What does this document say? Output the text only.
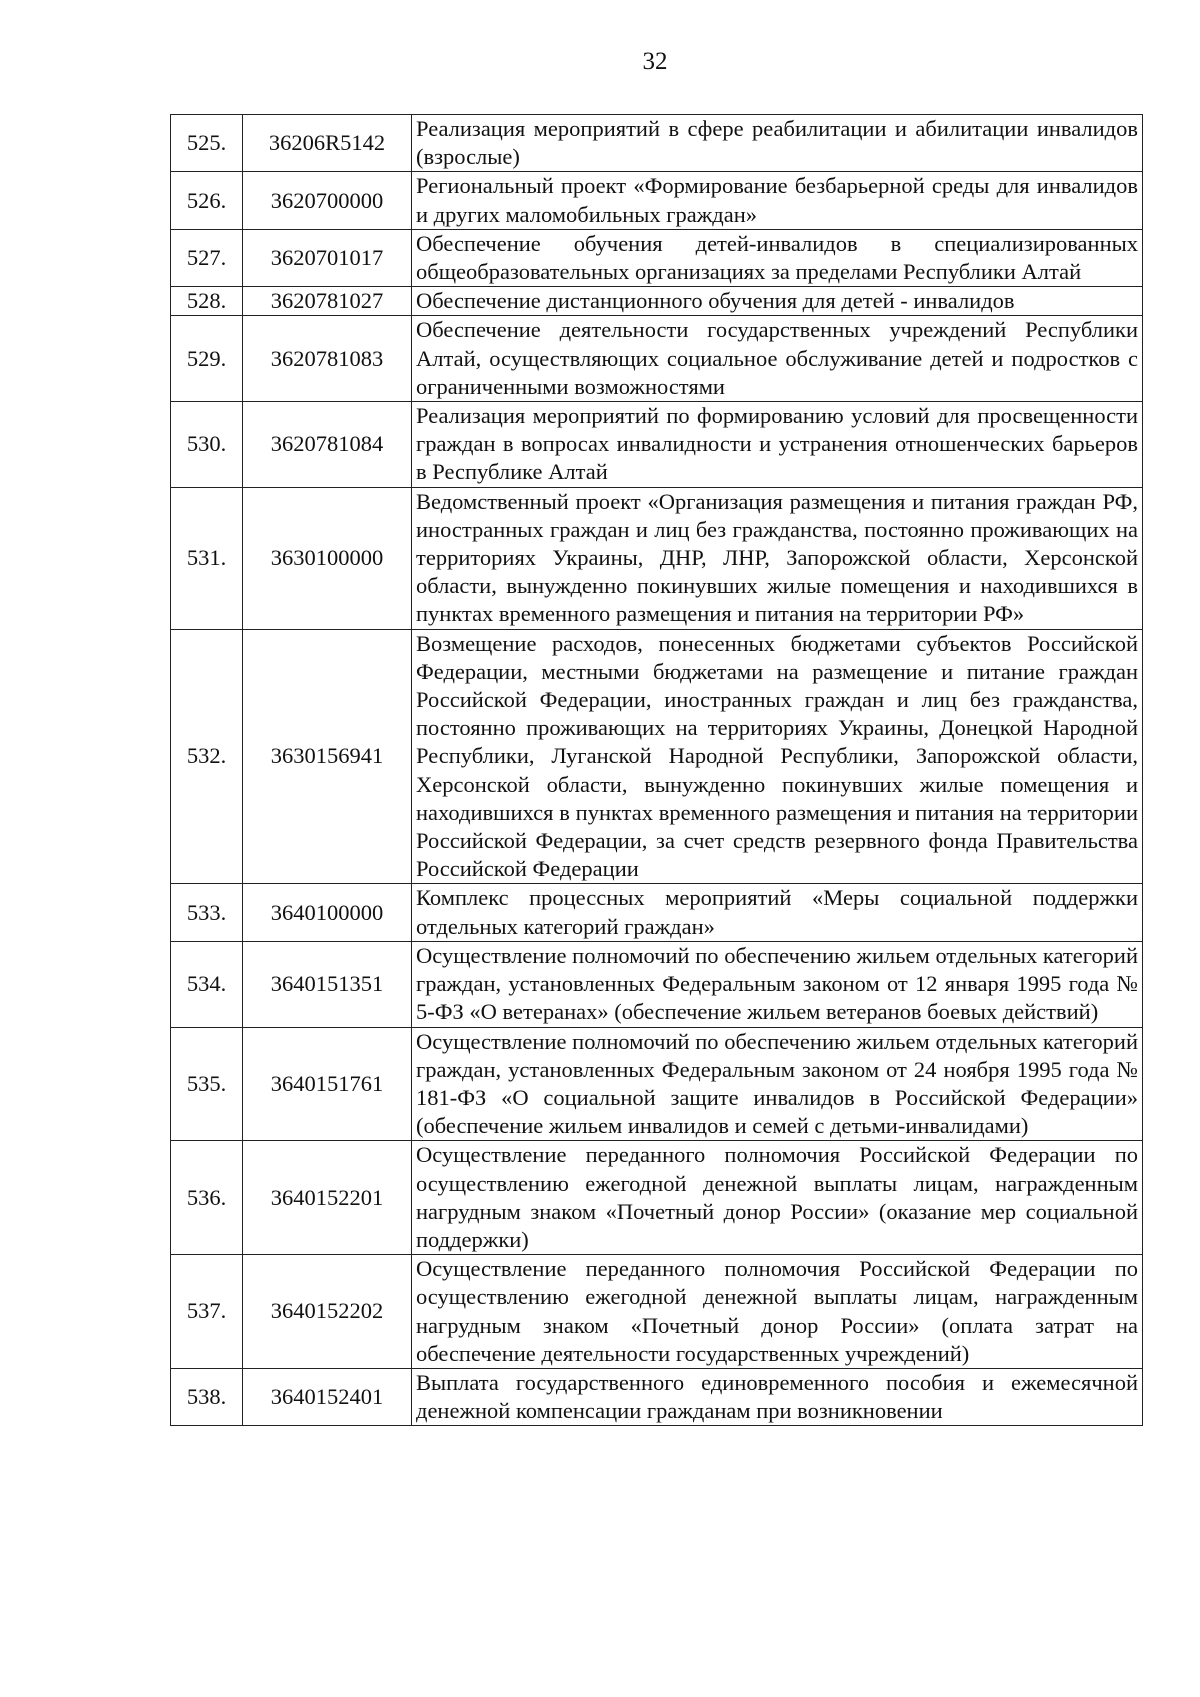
32
525.	36206R5142	Реализация мероприятий в сфере реабилитации и абилитации инвалидов (взрослые)
526.	3620700000	Региональный проект «Формирование безбарьерной среды для инвалидов и других маломобильных граждан»
527.	3620701017	Обеспечение обучения детей-инвалидов в специализированных общеобразовательных организациях за пределами Республики Алтай
528.	3620781027	Обеспечение дистанционного обучения для детей - инвалидов
529.	3620781083	Обеспечение деятельности государственных учреждений Республики Алтай, осуществляющих социальное обслуживание детей и подростков с ограниченными возможностями
530.	3620781084	Реализация мероприятий по формированию условий для просвещенности граждан в вопросах инвалидности и устранения отношенческих барьеров в Республике Алтай
531.	3630100000	Ведомственный проект «Организация размещения и питания граждан РФ, иностранных граждан и лиц без гражданства, постоянно проживающих на территориях Украины, ДНР, ЛНР, Запорожской области, Херсонской области, вынужденно покинувших жилые помещения и находившихся в пунктах временного размещения и питания на территории РФ»
532.	3630156941	Возмещение расходов, понесенных бюджетами субъектов Российской Федерации, местными бюджетами на размещение и питание граждан Российской Федерации, иностранных граждан и лиц без гражданства, постоянно проживающих на территориях Украины, Донецкой Народной Республики, Луганской Народной Республики, Запорожской области, Херсонской области, вынужденно покинувших жилые помещения и находившихся в пунктах временного размещения и питания на территории Российской Федерации, за счет средств резервного фонда Правительства Российской Федерации
533.	3640100000	Комплекс процессных мероприятий «Меры социальной поддержки отдельных категорий граждан»
534.	3640151351	Осуществление полномочий по обеспечению жильем отдельных категорий граждан, установленных Федеральным законом от 12 января 1995 года № 5-ФЗ «О ветеранах» (обеспечение жильем ветеранов боевых действий)
535.	3640151761	Осуществление полномочий по обеспечению жильем отдельных категорий граждан, установленных Федеральным законом от 24 ноября 1995 года № 181-ФЗ «О социальной защите инвалидов в Российской Федерации» (обеспечение жильем инвалидов и семей с детьми-инвалидами)
536.	3640152201	Осуществление переданного полномочия Российской Федерации по осуществлению ежегодной денежной выплаты лицам, награжденным нагрудным знаком «Почетный донор России» (оказание мер социальной поддержки)
537.	3640152202	Осуществление переданного полномочия Российской Федерации по осуществлению ежегодной денежной выплаты лицам, награжденным нагрудным знаком «Почетный донор России» (оплата затрат на обеспечение деятельности государственных учреждений)
538.	3640152401	Выплата государственного единовременного пособия и ежемесячной денежной компенсации гражданам при возникновении
